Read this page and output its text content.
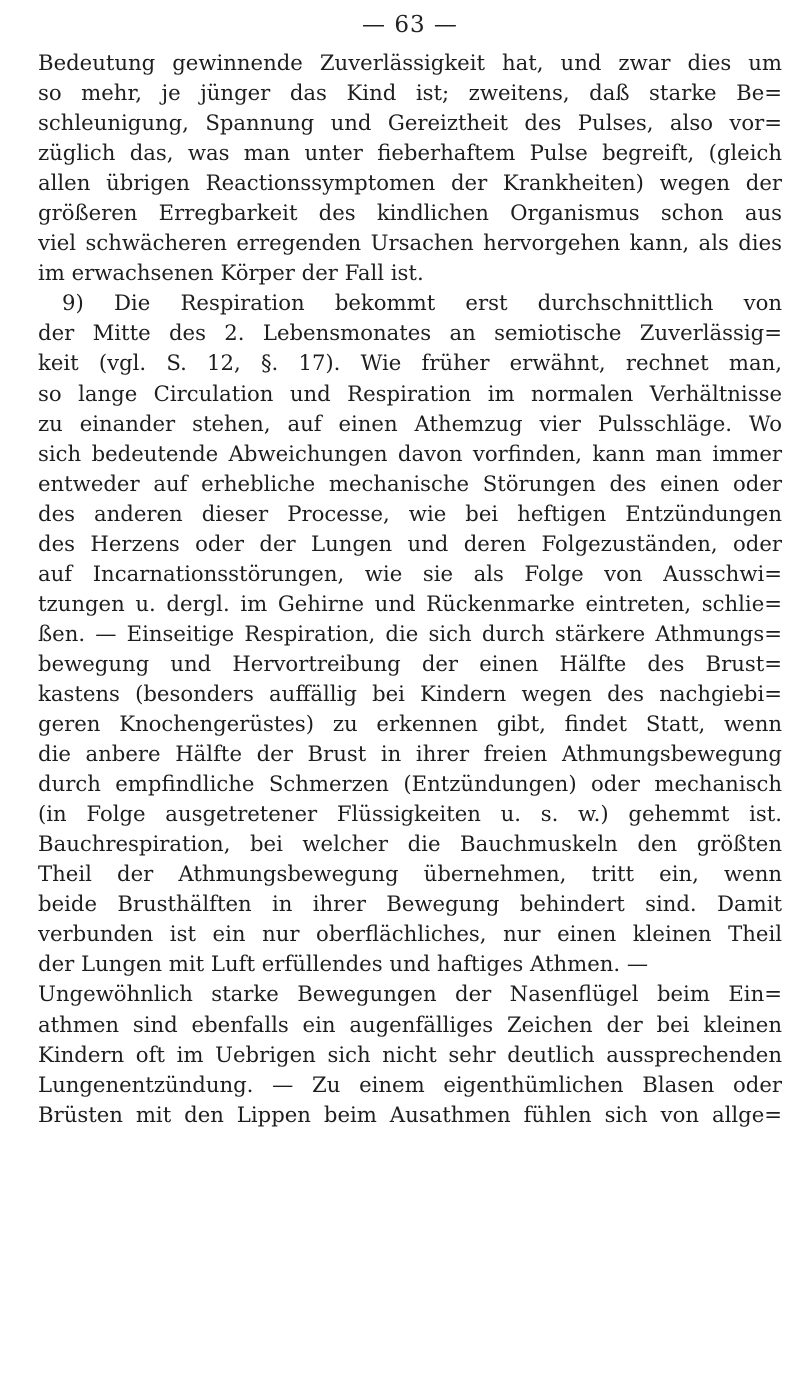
— 63 —
Bedeutung gewinnende Zuverlässigkeit hat, und zwar dies um
so mehr, je jünger das Kind ist; zweitens, daß starke Be=
schleunigung, Spannung und Gereiztheit des Pulses, also vor=
züglich das, was man unter fieberhaftem Pulse begreift, (gleich
allen übrigen Reactionssymptomen der Krankheiten) wegen der
größeren Erregbarkeit des kindlichen Organismus schon aus
viel schwächeren erregenden Ursachen hervorgehen kann, als dies
im erwachsenen Körper der Fall ist.
9) Die Respiration bekommt erst durchschnittlich von
der Mitte des 2. Lebensmonates an semiotische Zuverlässig=
keit (vgl. S. 12, §. 17). Wie früher erwähnt, rechnet man,
so lange Circulation und Respiration im normalen Verhältnisse
zu einander stehen, auf einen Athemzug vier Pulsschläge. Wo
sich bedeutende Abweichungen davon vorfinden, kann man immer
entweder auf erhebliche mechanische Störungen des einen oder
des anderen dieser Processe, wie bei heftigen Entzündungen
des Herzens oder der Lungen und deren Folgezuständen, oder
auf Incarnationsstörungen, wie sie als Folge von Ausschwi=
tzungen u. dergl. im Gehirne und Rückenmarke eintreten, schlie=
ßen. — Einseitige Respiration, die sich durch stärkere Athmungs=
bewegung und Hervortreibung der einen Hälfte des Brust=
kastens (besonders auffällig bei Kindern wegen des nachgiebi=
geren Knochengerüstes) zu erkennen gibt, findet Statt, wenn
die anbere Hälfte der Brust in ihrer freien Athmungsbewegung
durch empfindliche Schmerzen (Entzündungen) oder mechanisch
(in Folge ausgetretener Flüssigkeiten u. s. w.) gehemmt ist.
Bauchrespiration, bei welcher die Bauchmuskeln den größten
Theil der Athmungsbewegung übernehmen, tritt ein, wenn
beide Brusthälften in ihrer Bewegung behindert sind. Damit
verbunden ist ein nur oberflächliches, nur einen kleinen Theil
der Lungen mit Luft erfüllendes und haftiges Athmen. —
Ungewöhnlich starke Bewegungen der Nasenflügel beim Ein=
athmen sind ebenfalls ein augenfälliges Zeichen der bei kleinen
Kindern oft im Uebrigen sich nicht sehr deutlich aussprechenden
Lungenentzündung. — Zu einem eigenthümlichen Blasen oder
Brüsten mit den Lippen beim Ausathmen fühlen sich von allge=
